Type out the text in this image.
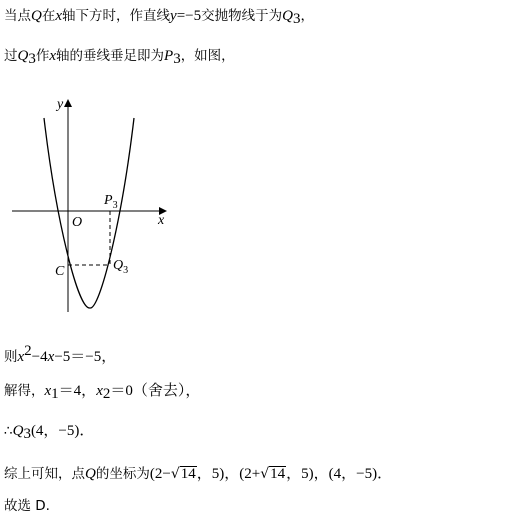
当点Q在x轴下方时，作直线y=−5交抛物线于为$Q_3$，
过$Q_3$作x轴的垂线垂足即为$P_3$，如图，
y
x
O
$P_3$
C	$Q_3$
则$x^2-4x-5=-5$，
解得，$x_1=4$，$x_2=0$（舍去），
$\therefore Q_3(4$，−5)．
综上可知，点Q的坐标为(2−√14，5)，(2+√14，5)，(4，−5)．
故选 D.
